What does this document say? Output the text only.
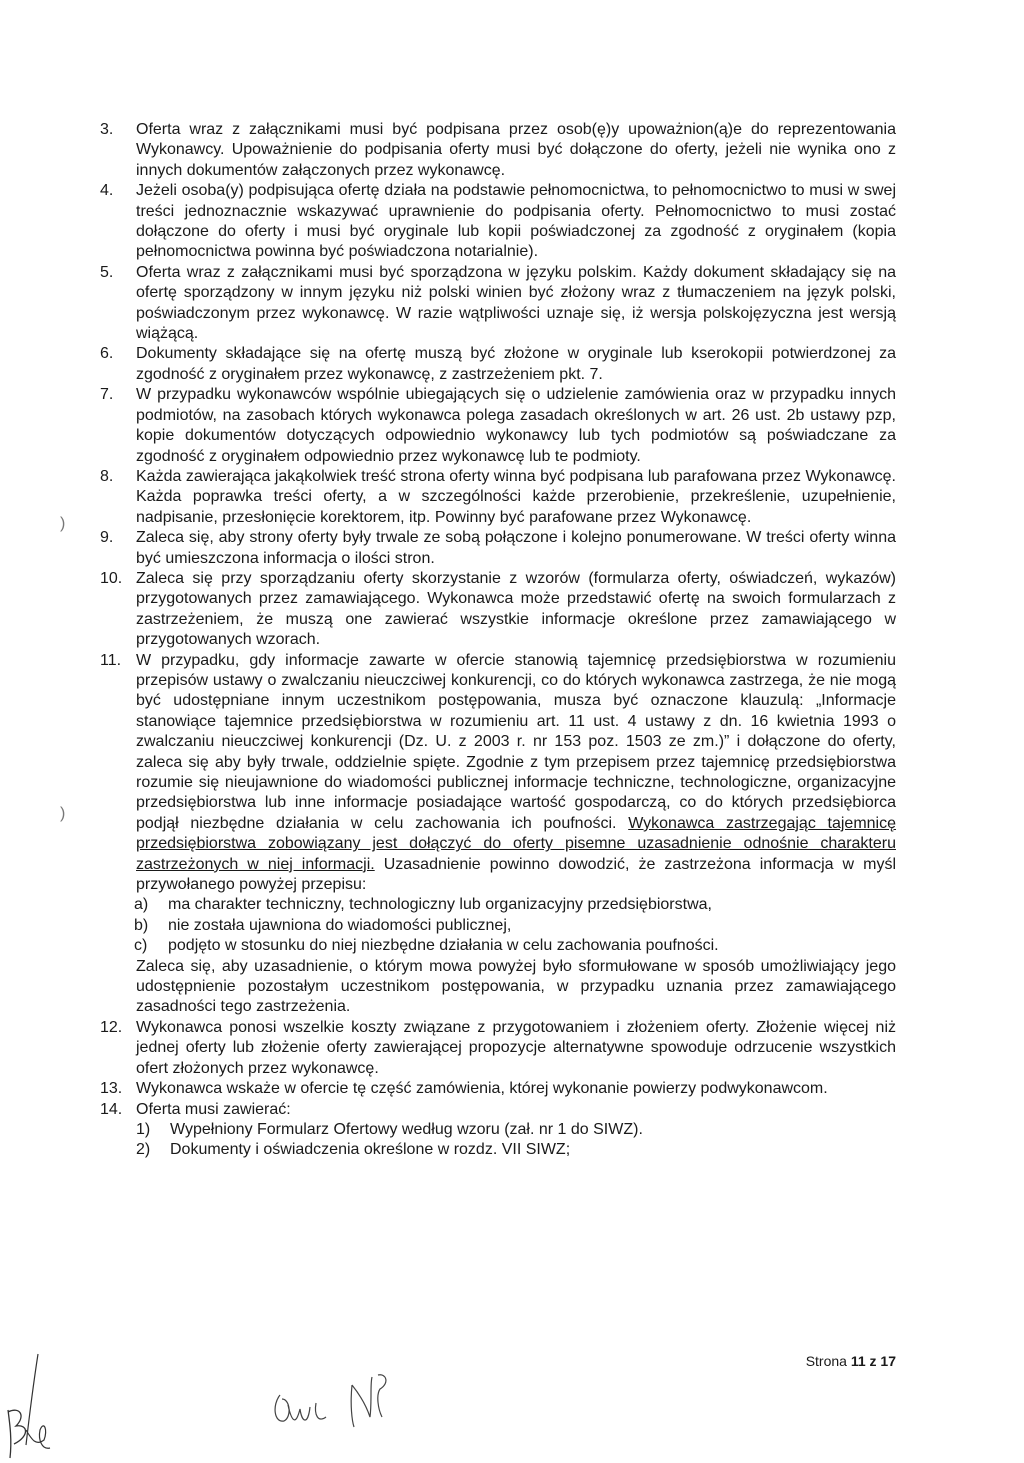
3.	Oferta wraz z załącznikami musi być podpisana przez osob(ę)y upoważnion(ą)e do reprezentowania Wykonawcy. Upoważnienie do podpisania oferty musi być dołączone do oferty, jeżeli nie wynika ono z innych dokumentów załączonych przez wykonawcę.

4.	Jeżeli osoba(y) podpisująca ofertę działa na podstawie pełnomocnictwa, to pełnomocnictwo to musi w swej treści jednoznacznie wskazywać uprawnienie do podpisania oferty. Pełnomocnictwo to musi zostać dołączone do oferty i musi być oryginale lub kopii poświadczonej za zgodność z oryginałem (kopia pełnomocnictwa powinna być poświadczona notarialnie).

5.	Oferta wraz z załącznikami musi być sporządzona w języku polskim. Każdy dokument składający się na ofertę sporządzony w innym języku niż polski winien być złożony wraz z tłumaczeniem na język polski, poświadczonym przez wykonawcę. W razie wątpliwości uznaje się, iż wersja polskojęzyczna jest wersją wiążącą.

6.	Dokumenty składające się na ofertę muszą być złożone w oryginale lub kserokopii potwierdzonej za zgodność z oryginałem przez wykonawcę, z zastrzeżeniem pkt. 7.

7.	W przypadku wykonawców wspólnie ubiegających się o udzielenie zamówienia oraz w przypadku innych podmiotów, na zasobach których wykonawca polega zasadach określonych w art. 26 ust. 2b ustawy pzp, kopie dokumentów dotyczących odpowiednio wykonawcy lub tych podmiotów są poświadczane za zgodność z oryginałem odpowiednio przez wykonawcę lub te podmioty.

8.	Każda zawierająca jakąkolwiek treść strona oferty winna być podpisana lub parafowana przez Wykonawcę. Każda poprawka treści oferty, a w szczególności każde przerobienie, przekreślenie, uzupełnienie, nadpisanie, przesłonięcie korektorem, itp. Powinny być parafowane przez Wykonawcę.

9.	Zaleca się, aby strony oferty były trwale ze sobą połączone i kolejno ponumerowane. W treści oferty winna być umieszczona informacja o ilości stron.

10. Zaleca się przy sporządzaniu oferty skorzystanie z wzorów (formularza oferty, oświadczeń, wykazów) przygotowanych przez zamawiającego. Wykonawca może przedstawić ofertę na swoich formularzach z zastrzeżeniem, że muszą one zawierać wszystkie informacje określone przez zamawiającego w przygotowanych wzorach.

11. W przypadku, gdy informacje zawarte w ofercie stanowią tajemnicę przedsiębiorstwa w rozumieniu przepisów ustawy o zwalczaniu nieuczciwej konkurencji, co do których wykonawca zastrzega, że nie mogą być udostępniane innym uczestnikom postępowania, musza być oznaczone klauzulą: „Informacje stanowiące tajemnice przedsiębiorstwa w rozumieniu art. 11 ust. 4 ustawy z dn. 16 kwietnia 1993 o zwalczaniu nieuczciwej konkurencji (Dz. U. z 2003 r. nr 153 poz. 1503 ze zm.)” i dołączone do oferty, zaleca się aby były trwale, oddzielnie spięte. Zgodnie z tym przepisem przez tajemnicę przedsiębiorstwa rozumie się nieujawnione do wiadomości publicznej informacje techniczne, technologiczne, organizacyjne przedsiębiorstwa lub inne informacje posiadające wartość gospodarczą, co do których przedsiębiorca podjął niezbędne działania w celu zachowania ich poufności. Wykonawca zastrzegając tajemnicę przedsiębiorstwa zobowiązany jest dołączyć do oferty pisemne uzasadnienie odnośnie charakteru zastrzeżonych w niej informacji. Uzasadnienie powinno dowodzić, że zastrzeżona informacja w myśl przywołanego powyżej przepisu:

a)	ma charakter techniczny, technologiczny lub organizacyjny przedsiębiorstwa,

b)	nie została ujawniona do wiadomości publicznej,

c)	podjęto w stosunku do niej niezbędne działania w celu zachowania poufności.

Zaleca się, aby uzasadnienie, o którym mowa powyżej było sformułowane w sposób umożliwiający jego udostępnienie pozostałym uczestnikom postępowania, w przypadku uznania przez zamawiającego zasadności tego zastrzeżenia.

12. Wykonawca ponosi wszelkie koszty związane z przygotowaniem i złożeniem oferty. Złożenie więcej niż jednej oferty lub złożenie oferty zawierającej propozycje alternatywne spowoduje odrzucenie wszystkich ofert złożonych przez wykonawcę.

13. Wykonawca wskaże w ofercie tę część zamówienia, której wykonanie powierzy podwykonawcom.

14. Oferta musi zawierać:

1)	Wypełniony Formularz Ofertowy według wzoru (zał. nr 1 do SIWZ).

2)	Dokumenty i oświadczenia określone w rozdz. VII SIWZ;

)
)
Strona 11 z 17
